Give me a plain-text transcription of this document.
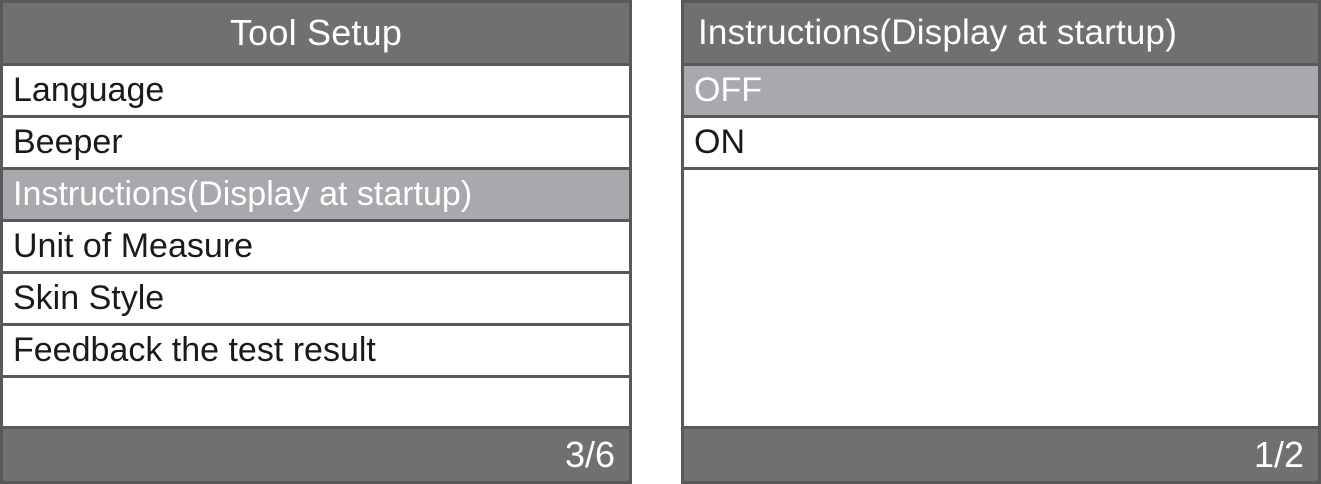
Tool Setup
Language
Beeper
Instructions(Display at startup)
Unit of Measure
Skin Style
Feedback the test result
3/6
Instructions(Display at startup)
OFF
ON
1/2
